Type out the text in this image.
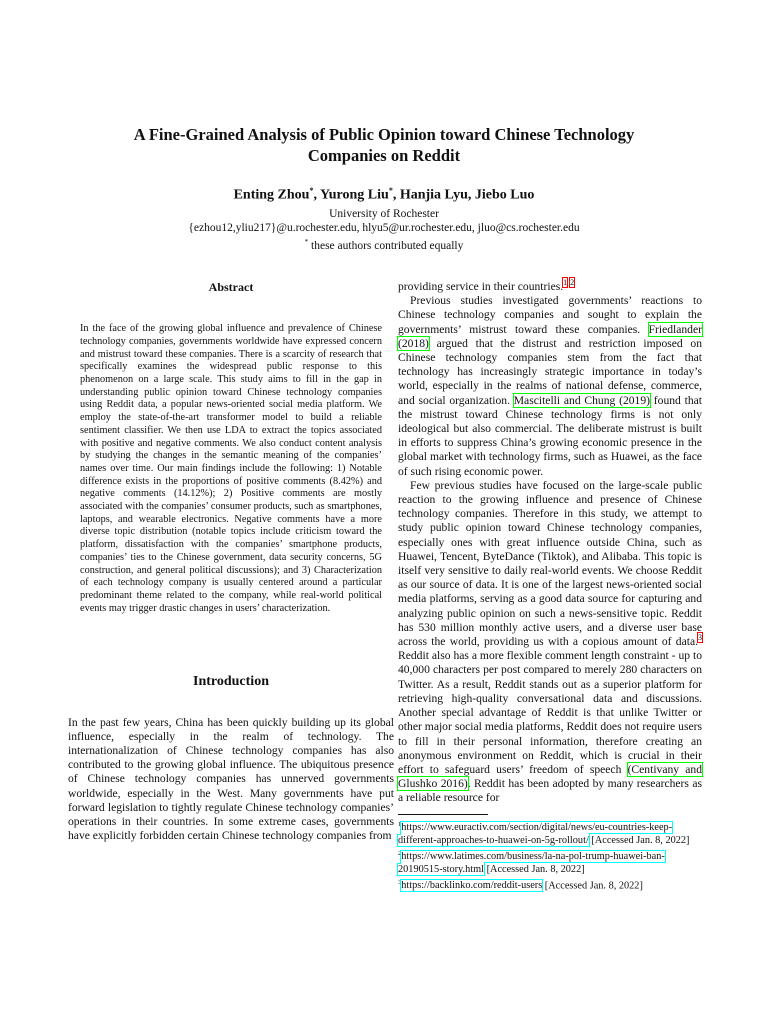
A Fine-Grained Analysis of Public Opinion toward Chinese Technology
Companies on Reddit
Enting Zhou*, Yurong Liu*, Hanjia Lyu, Jiebo Luo
University of Rochester
{ezhou12,yliu217}@u.rochester.edu, hlyu5@ur.rochester.edu, jluo@cs.rochester.edu
* these authors contributed equally
Abstract

In the face of the growing global influence and prevalence of Chinese technology companies, governments worldwide have expressed concern and mistrust toward these companies. There is a scarcity of research that specifically examines the widespread public response to this phenomenon on a large scale. This study aims to fill in the gap in understanding public opinion toward Chinese technology companies using Reddit data, a popular news-oriented social media platform. We employ the state-of-the-art transformer model to build a reliable sentiment classifier. We then use LDA to extract the topics associated with positive and negative comments. We also conduct content analysis by studying the changes in the semantic meaning of the companies’ names over time. Our main findings include the following: 1) Notable difference exists in the proportions of positive comments (8.42%) and negative comments (14.12%); 2) Positive comments are mostly associated with the companies’ consumer products, such as smartphones, laptops, and wearable electronics. Negative comments have a more diverse topic distribution (notable topics include criticism toward the platform, dissatisfaction with the companies’ smartphone products, companies’ ties to the Chinese government, data security concerns, 5G construction, and general political discussions); and 3) Characterization of each technology company is usually centered around a particular predominant theme related to the company, while real-world political events may trigger drastic changes in users’ characterization.

Introduction

In the past few years, China has been quickly building up its global influence, especially in the realm of technology. The internationalization of Chinese technology companies has also contributed to the growing global influence. The ubiquitous presence of Chinese technology companies has unnerved governments worldwide, especially in the West. Many governments have put forward legislation to tightly regulate Chinese technology companies’ operations in their countries. In some extreme cases, governments have explicitly forbidden certain Chinese technology companies from

providing service in their countries.$^1$ $^2$

Previous studies investigated governments’ reactions to Chinese technology companies and sought to explain the governments’ mistrust toward these companies. Friedlander (2018) argued that the distrust and restriction imposed on Chinese technology companies stem from the fact that technology has increasingly strategic importance in today’s world, especially in the realms of national defense, commerce, and social organization. Mascitelli and Chung (2019) found that the mistrust toward Chinese technology firms is not only ideological but also commercial. The deliberate mistrust is built in efforts to suppress China’s growing economic presence in the global market with technology firms, such as Huawei, as the face of such rising economic power.

Few previous studies have focused on the large-scale public reaction to the growing influence and presence of Chinese technology companies. Therefore in this study, we attempt to study public opinion toward Chinese technology companies, especially ones with great influence outside China, such as Huawei, Tencent, ByteDance (Tiktok), and Alibaba. This topic is itself very sensitive to daily real-world events. We choose Reddit as our source of data. It is one of the largest news-oriented social media platforms, serving as a good data source for capturing and analyzing public opinion on such a news-sensitive topic. Reddit has 530 million monthly active users, and a diverse user base across the world, providing us with a copious amount of data.$^3$ Reddit also has a more flexible comment length constraint - up to 40,000 characters per post compared to merely 280 characters on Twitter. As a result, Reddit stands out as a superior platform for retrieving high-quality conversational data and discussions. Another special advantage of Reddit is that unlike Twitter or other major social media platforms, Reddit does not require users to fill in their personal information, therefore creating an anonymous environment on Reddit, which is crucial in their effort to safeguard users’ freedom of speech (Centivany and Glushko 2016). Reddit has been adopted by many researchers as a reliable resource for

$^1$https://www.euractiv.com/section/digital/news/eu-countries-keep-different-approaches-to-huawei-on-5g-rollout/ [Accessed Jan. 8, 2022]
$^2$https://www.latimes.com/business/la-na-pol-trump-huawei-ban-20190515-story.html [Accessed Jan. 8, 2022]
$^3$https://backlinko.com/reddit-users [Accessed Jan. 8, 2022]
